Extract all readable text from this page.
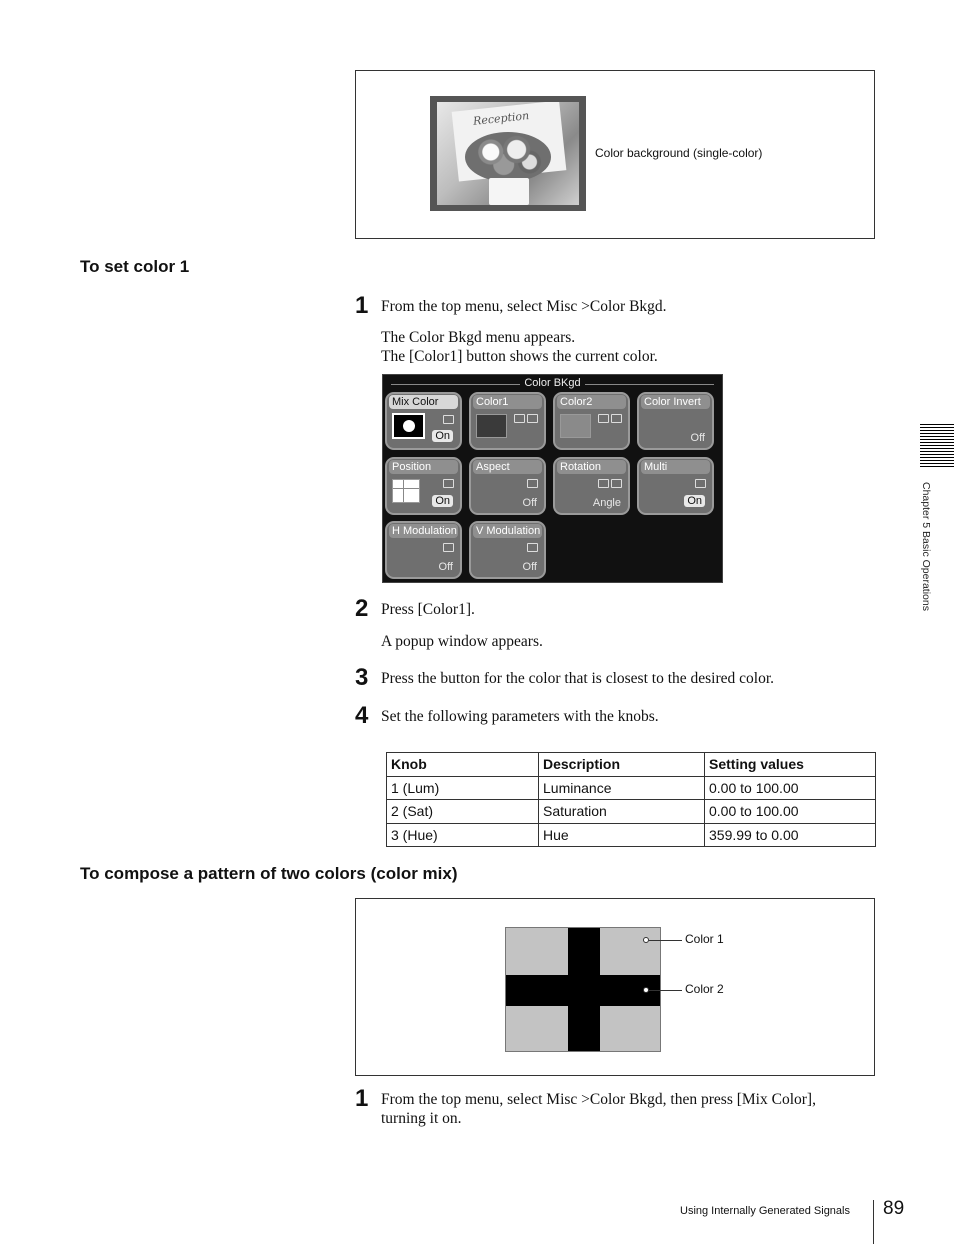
Reception
Color background (single-color)
To set color 1
1 From the top menu, select Misc >Color Bkgd.
The Color Bkgd menu appears.
The [Color1] button shows the current color.
Color BKgd
Mix Color
On
Color1	Color2	Color Invert
Off
Position
On
Aspect
Off
Rotation
Angle
Multi
On
H Modulation
Off
V Modulation
Off
2 Press [Color1].
A popup window appears.
3 Press the button for the color that is closest to the desired color.
4 Set the following parameters with the knobs.
Knob	Description	Setting values
1 (Lum)	Luminance	0.00 to 100.00
2 (Sat)	Saturation	0.00 to 100.00
3 (Hue)	Hue	359.99 to 0.00
To compose a pattern of two colors (color mix)
Color 1
Color 2
1 From the top menu, select Misc >Color Bkgd, then press [Mix Color],
turning it on.
Chapter 5 Basic Operations
Using Internally Generated Signals 89
